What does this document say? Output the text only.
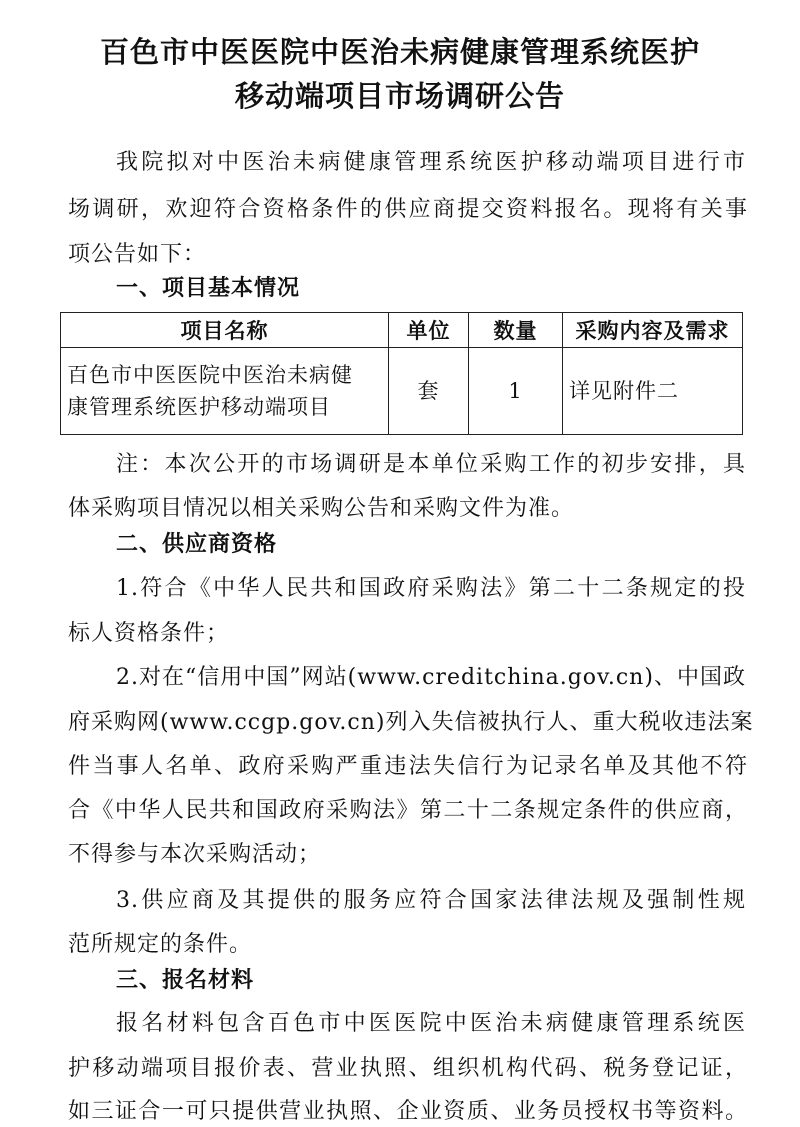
百色市中医医院中医治未病健康管理系统医护
移动端项目市场调研公告
我院拟对中医治未病健康管理系统医护移动端项目进行市
场调研，欢迎符合资格条件的供应商提交资料报名。现将有关事
项公告如下：
一、项目基本情况
项目名称	单位	数量	采购内容及需求

百色市中医医院中医治未病健
康管理系统医护移动端项目	套	1	详见附件二
注：本次公开的市场调研是本单位采购工作的初步安排，具
体采购项目情况以相关采购公告和采购文件为准。
二、供应商资格
1.符合《中华人民共和国政府采购法》第二十二条规定的投
标人资格条件；
2.对在“信用中国”网站(www.creditchina.gov.cn)、中国政
府采购网(www.ccgp.gov.cn)列入失信被执行人、重大税收违法案
件当事人名单、政府采购严重违法失信行为记录名单及其他不符
合《中华人民共和国政府采购法》第二十二条规定条件的供应商，
不得参与本次采购活动；
3.供应商及其提供的服务应符合国家法律法规及强制性规
范所规定的条件。
三、报名材料
报名材料包含百色市中医医院中医治未病健康管理系统医
护移动端项目报价表、营业执照、组织机构代码、税务登记证，
如三证合一可只提供营业执照、企业资质、业务员授权书等资料。
